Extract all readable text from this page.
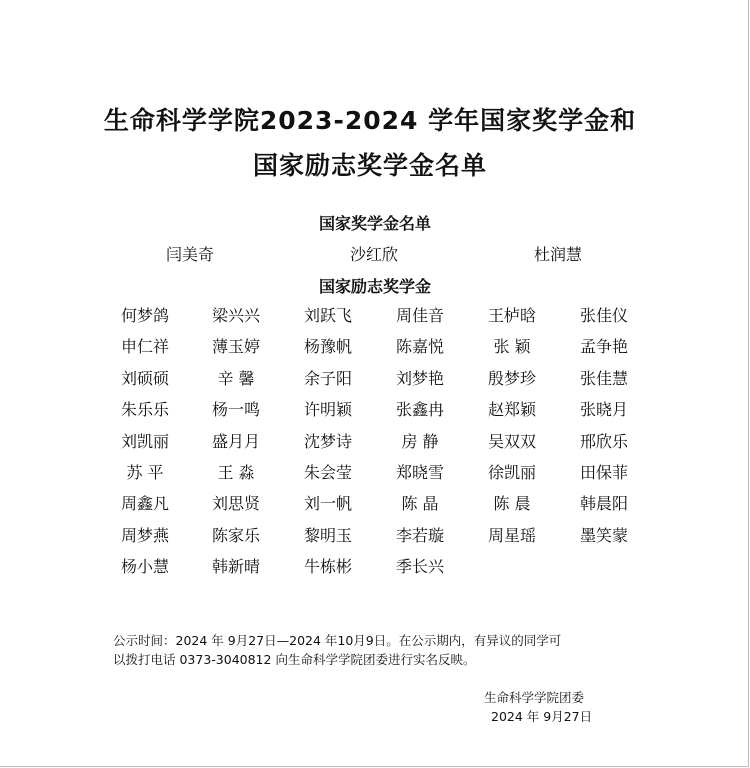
生命科学学院2023-2024 学年国家奖学金和
国家励志奖学金名单
国家奖学金名单
闫美奇	沙红欣	杜润慧
国家励志奖学金
何梦鸽	梁兴兴	刘跃飞	周佳音	王栌晗	张佳仪
申仁祥	薄玉婷	杨豫帆	陈嘉悦	张 颖	孟争艳
刘硕硕	辛 馨	余子阳	刘梦艳	殷梦珍	张佳慧
朱乐乐	杨一鸣	许明颖	张鑫冉	赵郑颖	张晓月
刘凯丽	盛月月	沈梦诗	房 静	吴双双	邢欣乐
苏 平	王 淼	朱会莹	郑晓雪	徐凯丽	田保菲
周鑫凡	刘思贤	刘一帆	陈 晶	陈 晨	韩晨阳
周梦燕	陈家乐	黎明玉	李若璇	周星瑶	墨笑蒙
杨小慧	韩新晴	牛栋彬	季长兴
公示时间：2024 年 9月27日—2024 年10月9日。在公示期内，有异议的同学可
以拨打电话 0373-3040812 向生命科学学院团委进行实名反映。
生命科学学院团委
2024 年 9月27日
